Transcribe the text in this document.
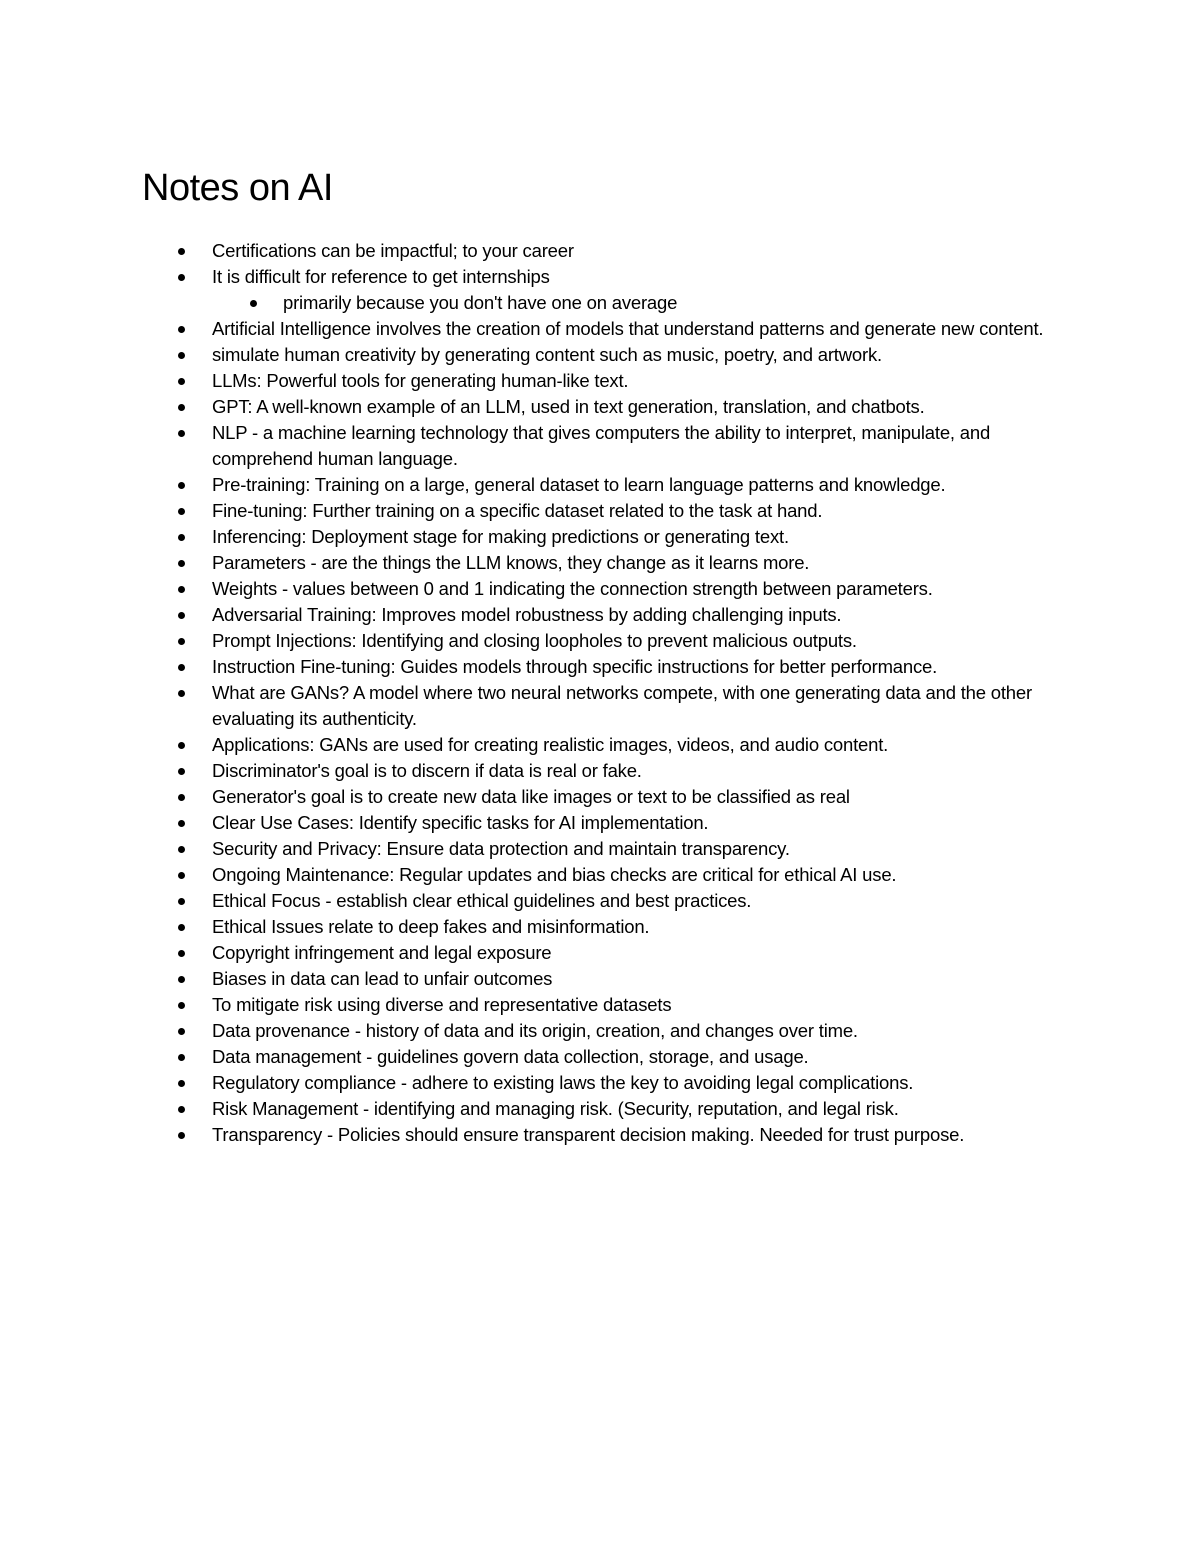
Notes on AI
Certifications can be impactful; to your career
It is difficult for reference to get internships
primarily because you don't have one on average
Artificial Intelligence involves the creation of models that understand patterns and generate new content.
simulate human creativity by generating content such as music, poetry, and artwork.
LLMs: Powerful tools for generating human-like text.
GPT: A well-known example of an LLM, used in text generation, translation, and chatbots.
NLP - a machine learning technology that gives computers the ability to interpret, manipulate, and comprehend human language.
Pre-training: Training on a large, general dataset to learn language patterns and knowledge.
Fine-tuning: Further training on a specific dataset related to the task at hand.
Inferencing: Deployment stage for making predictions or generating text.
Parameters - are the things the LLM knows, they change as it learns more.
Weights - values between 0 and 1 indicating the connection strength between parameters.
Adversarial Training: Improves model robustness by adding challenging inputs.
Prompt Injections: Identifying and closing loopholes to prevent malicious outputs.
Instruction Fine-tuning: Guides models through specific instructions for better performance.
What are GANs? A model where two neural networks compete, with one generating data and the other evaluating its authenticity.
Applications: GANs are used for creating realistic images, videos, and audio content.
Discriminator's goal is to discern if data is real or fake.
Generator's goal is to create new data like images or text to be classified as real
Clear Use Cases: Identify specific tasks for AI implementation.
Security and Privacy: Ensure data protection and maintain transparency.
Ongoing Maintenance: Regular updates and bias checks are critical for ethical AI use.
Ethical Focus - establish clear ethical guidelines and best practices.
Ethical Issues relate to deep fakes and misinformation.
Copyright infringement and legal exposure
Biases in data can lead to unfair outcomes
To mitigate risk using diverse and representative datasets
Data provenance - history of data and its origin, creation, and changes over time.
Data management - guidelines govern data collection, storage, and usage.
Regulatory compliance - adhere to existing laws the key to avoiding legal complications.
Risk Management - identifying and managing risk. (Security, reputation, and legal risk.
Transparency - Policies should ensure transparent decision making. Needed for trust purpose.
